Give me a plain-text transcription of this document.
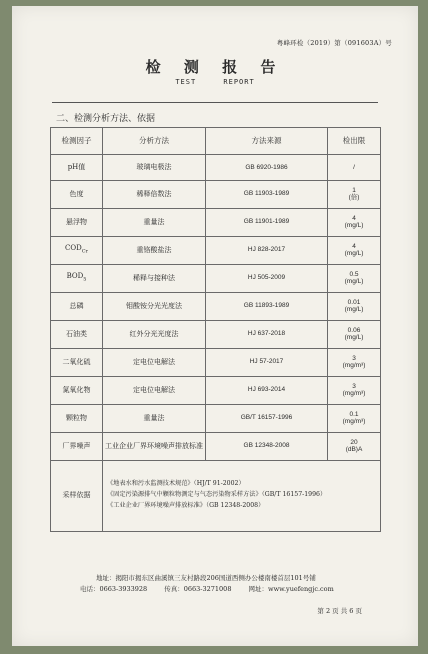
粤峰环检（2019）第（091603A）号
检 测 报 告
TEST REPORT
二、检测分析方法、依据
检测因子	分析方法	方法来源	检出限
pH值	玻璃电极法	GB 6920-1986	/

色度	稀释倍数法	GB 11903-1989	1
(倍)

悬浮物	重量法	GB 11901-1989	4
(mg/L)

$COD_{Cr}$	重铬酸盐法	HJ 828-2017	4
(mg/L)

$BOD_5$	稀释与接种法	HJ 505-2009	0.5
(mg/L)

总磷	钼酸铵分光光度法	GB 11893-1989	0.01
(mg/L)

石油类	红外分光光度法	HJ 637-2018	0.06
(mg/L)

二氧化硫	定电位电解法	HJ 57-2017	3
(mg/m³)

氮氧化物	定电位电解法	HJ 693-2014	3
(mg/m³)

颗粒物	重量法	GB/T 16157-1996	0.1
(mg/m³)

厂界噪声	工业企业厂界环境噪声排放标准	GB 12348-2008	20
(dB)A

采样依据	《地表水和污水监测技术规范》（HJ/T 91-2002）
《固定污染源排气中颗粒物测定与气态污染物采样方法》（GB/T 16157-1996）
《工业企业厂界环境噪声排放标准》（GB 12348-2008）		
地址：揭阳市揭东区曲溪镇三友村路段206国道西侧办公楼南楼首层101号铺
电话：0663-3933928	传真：0663-3271008	网址：www.yuefengjc.com
第 2 页 共 6 页
